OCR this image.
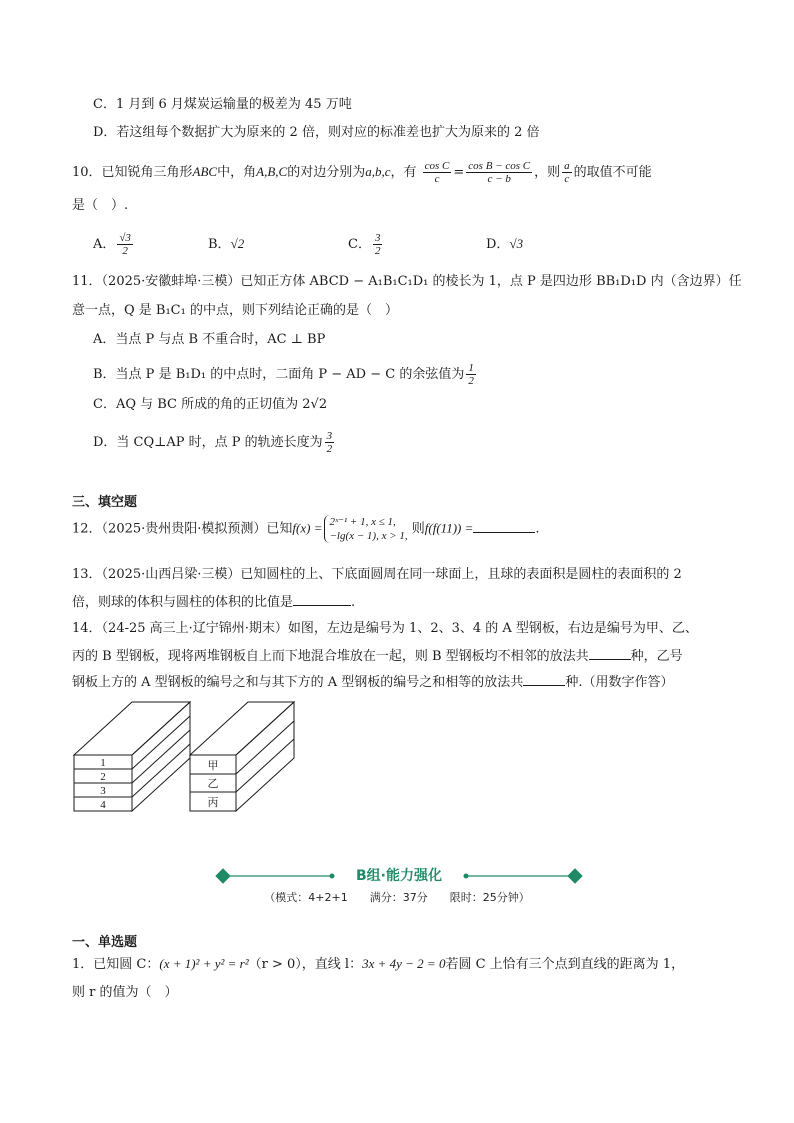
C．1 月到 6 月煤炭运输量的极差为 45 万吨
D．若这组每个数据扩大为原来的 2 倍，则对应的标准差也扩大为原来的 2 倍
10．已知锐角三角形ABC中，角A,B,C的对边分别为a,b,c，有 $\frac{\text{cos C}}{c} = \frac{\text{cos B − cos C}}{c - b}$ ，则 $\frac{a}{c}$ 的取值不可能
是（　）.
A． $\frac{√3}{2}$	B．√2	C． $\frac{3}{2}$	D．√3
11．（2025·安徽蚌埠·三模）已知正方体 ABCD − A₁B₁C₁D₁ 的棱长为 1，点 P 是四边形 BB₁D₁D 内（含边界）任
意一点，Q 是 B₁C₁ 的中点，则下列结论正确的是（　）
A．当点 P 与点 B 不重合时，AC ⊥ BP
B．当点 P 是 B₁D₁ 的中点时，二面角 P − AD − C 的余弦值为 $\frac{1}{2}$
C．AQ 与 BC 所成的角的正切值为 2√2
D．当 CQ⊥AP 时，点 P 的轨迹长度为 $\frac{3}{2}$
三、填空题
12．（2025·贵州贵阳·模拟预测）已知f(x) = 2ˣ⁻¹ + 1, x ≤ 1,
−lg(x − 1), x > 1, 则f(f(11)) =	.
13．（2025·山西吕梁·三模）已知圆柱的上、下底面圆周在同一球面上，且球的表面积是圆柱的表面积的 2
倍，则球的体积与圆柱的体积的比值是	.
14．（24-25 高三上·辽宁锦州·期末）如图，左边是编号为 1、2、3、4 的 A 型钢板，右边是编号为甲、乙、
丙的 B 型钢板，现将两堆钢板自上而下地混合堆放在一起，则 B 型钢板均不相邻的放法共	种，乙号
钢板上方的 A 型钢板的编号之和与其下方的 A 型钢板的编号之和相等的放法共	种.（用数字作答）
1
2
3
4
甲
乙
丙
B组·能力强化
（模式：4+2+1　　满分：37分　　限时：25分钟）
一、单选题
1．已知圆 C：(x + 1)² + y² = r²（r > 0），直线 l：3x + 4y − 2 = 0若圆 C 上恰有三个点到直线的距离为 1，
则 r 的值为（　）
